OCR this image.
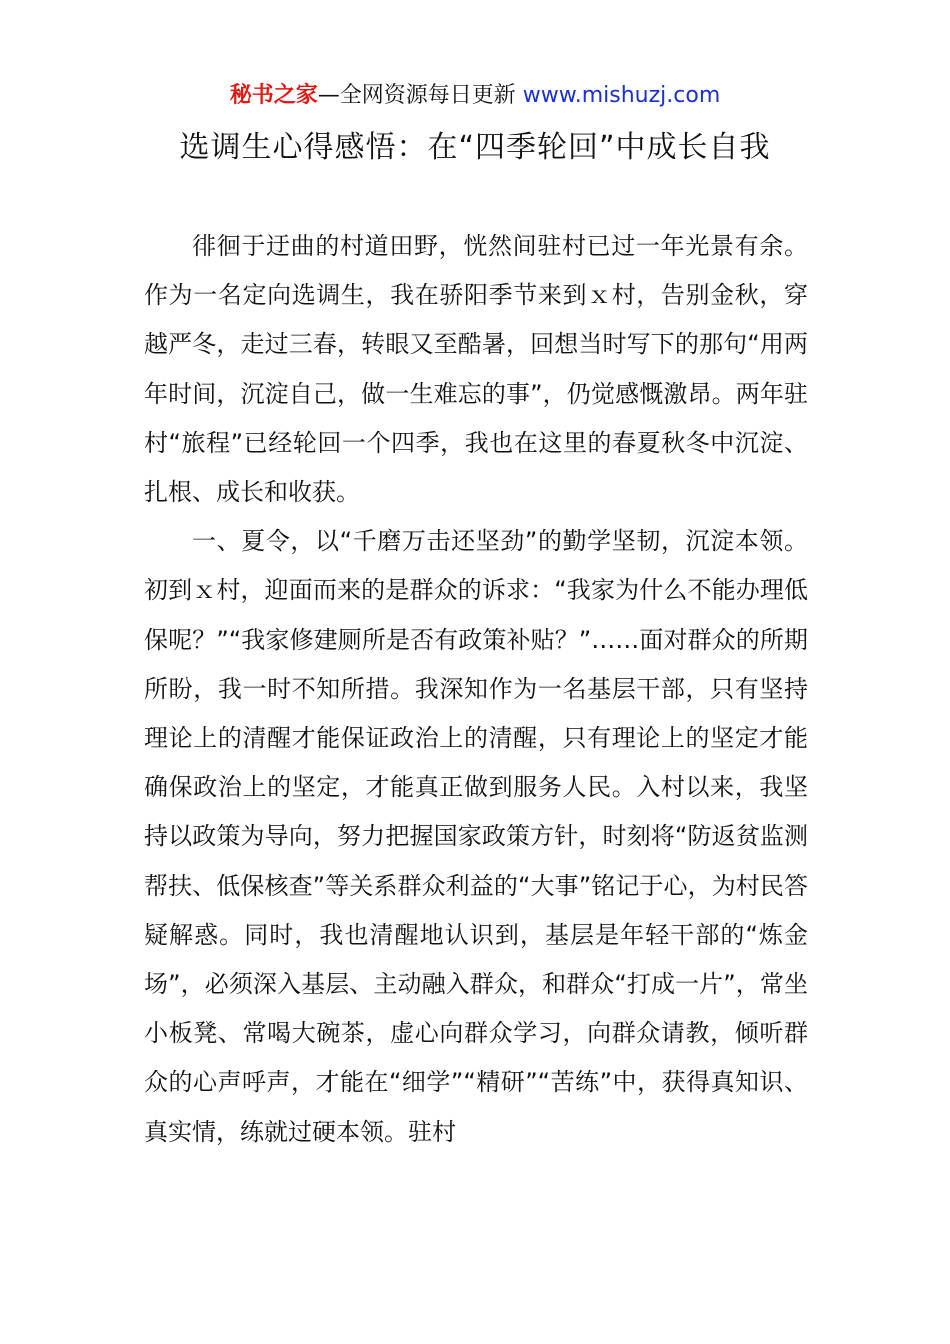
秘书之家—全网资源每日更新 www.mishuzj.com
选调生心得感悟：在“四季轮回”中成长自我

徘徊于迂曲的村道田野，恍然间驻村已过一年光景有余。作为一名定向选调生，我在骄阳季节来到ｘ村，告别金秋，穿越严冬，走过三春，转眼又至酷暑，回想当时写下的那句“用两年时间，沉淀自己，做一生难忘的事”，仍觉感慨激昂。两年驻村“旅程”已经轮回一个四季，我也在这里的春夏秋冬中沉淀、扎根、成长和收获。

一、夏令，以“千磨万击还坚劲”的勤学坚韧，沉淀本领。初到ｘ村，迎面而来的是群众的诉求：“我家为什么不能办理低保呢？”“我家修建厕所是否有政策补贴？”……面对群众的所期所盼，我一时不知所措。我深知作为一名基层干部，只有坚持理论上的清醒才能保证政治上的清醒，只有理论上的坚定才能确保政治上的坚定，才能真正做到服务人民。入村以来，我坚持以政策为导向，努力把握国家政策方针，时刻将“防返贫监测帮扶、低保核查”等关系群众利益的“大事”铭记于心，为村民答疑解惑。同时，我也清醒地认识到，基层是年轻干部的“炼金场”，必须深入基层、主动融入群众，和群众“打成一片”，常坐小板凳、常喝大碗茶，虚心向群众学习，向群众请教，倾听群众的心声呼声，才能在“细学”“精研”“苦练”中，获得真知识、真实情，练就过硬本领。驻村
